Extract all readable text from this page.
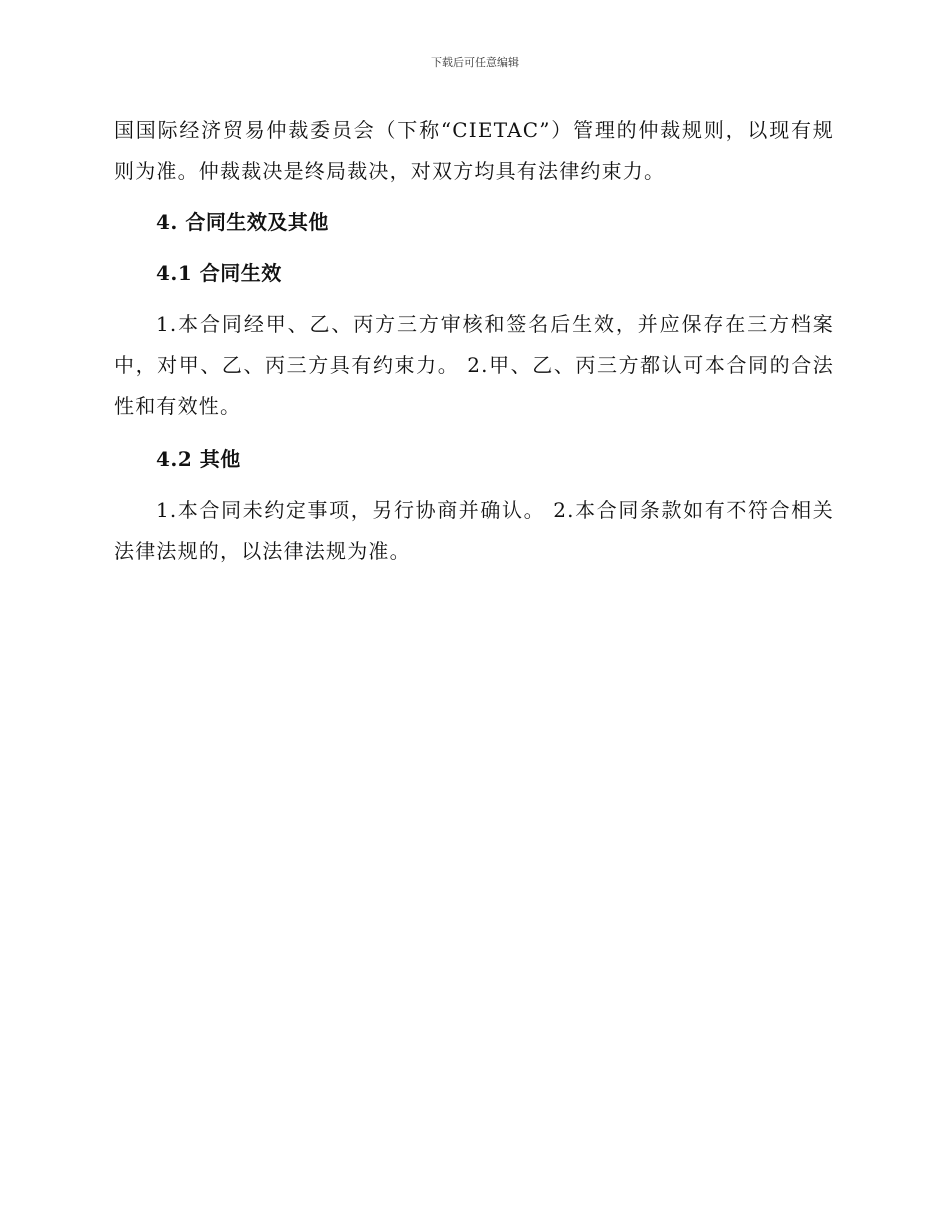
下载后可任意编辑

国国际经济贸易仲裁委员会（下称“CIETAC”）管理的仲裁规则，以现有规则为准。仲裁裁决是终局裁决，对双方均具有法律约束力。

4. 合同生效及其他

4.1 合同生效

1.本合同经甲、乙、丙方三方审核和签名后生效，并应保存在三方档案中，对甲、乙、丙三方具有约束力。 2.甲、乙、丙三方都认可本合同的合法性和有效性。

4.2 其他

1.本合同未约定事项，另行协商并确认。 2.本合同条款如有不符合相关法律法规的，以法律法规为准。
